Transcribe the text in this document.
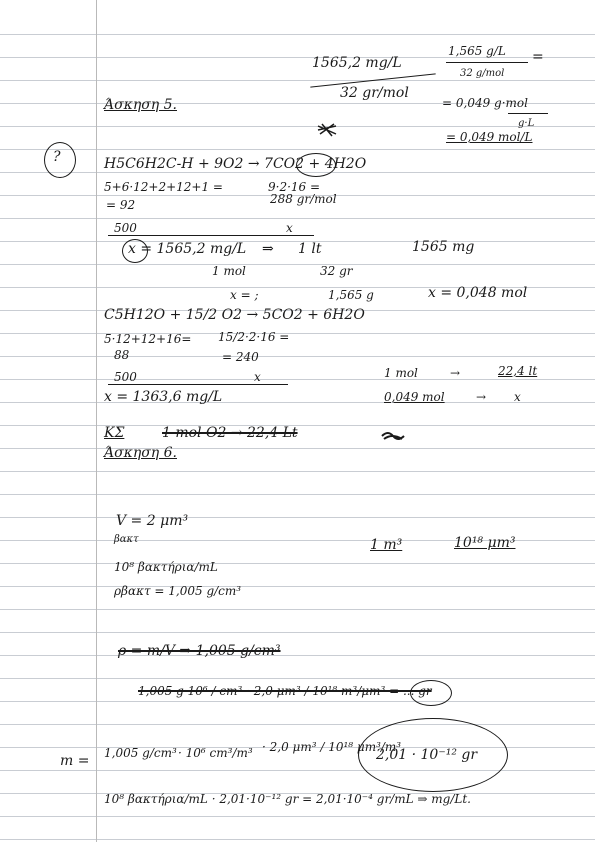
1565,2 mg/L
32 gr/mol
1,565 g/L
32 g/mol
=
= 0,049 g·mol
g·L
= 0,049 mol/L
Άσκηση 5.
?	H5C6H2C-H + 9O2 → 7CO2 + 4H2O
5+6·12+2+12+1 =
= 92
9·2·16 =
288 gr/mol
500	x
x = 1565,2 mg/L ⇒ 1 lt	1565 mg
1 mol	32 gr
x = ;	1,565 g	x = 0,048 mol
C5H12O + 15/2 O2 → 5CO2 + 6H2O
5·12+12+16=
88
15/2·2·16 =
= 240
500	x	1 mol	→	22,4 lt
x = 1363,6 mg/L	0,049 mol	→ x
ΚΣ	1 mol O2 → 22,4 Lt
Άσκηση 6.
V = 2 μm³
βακτ	1 m³	10¹⁸ μm³
10⁸ βακτήρια/mL
ρβακτ = 1,005 g/cm³
ρ = m/V ⇒ 1,005 g/cm³
1,005 g·10⁶ / cm³ · 2,0 μm³ / 10¹⁸ m³/μm³ = ... gr
m = 1,005 g/cm³ · 10⁶ cm³/m³ · 2,0 μm³ / 10¹⁸ μm³/m³
2,01 · 10⁻¹² gr
10⁸ βακτήρια/mL · 2,01·10⁻¹² gr = 2,01·10⁻⁴ gr/mL ⇒ mg/Lt.
